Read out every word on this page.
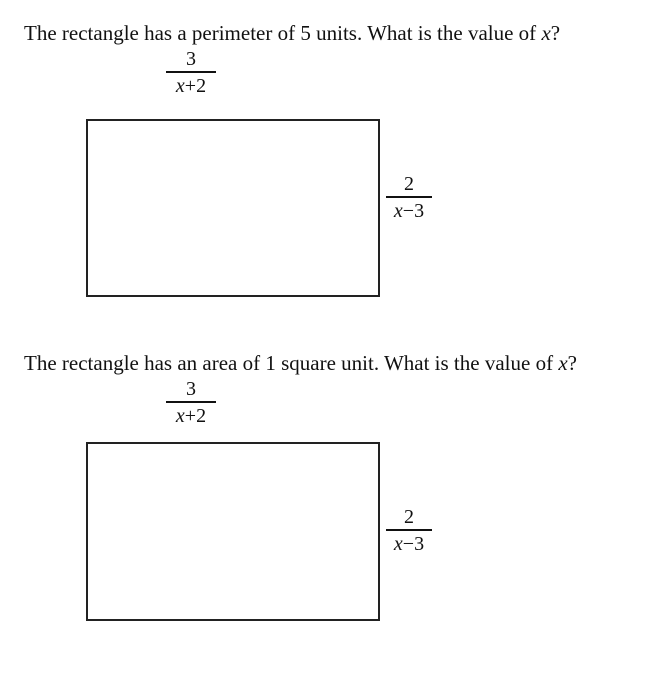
The rectangle has a perimeter of 5 units. What is the value of x?
3
x+2
2
x−3
The rectangle has an area of 1 square unit. What is the value of x?
3
x+2
2
x−3
